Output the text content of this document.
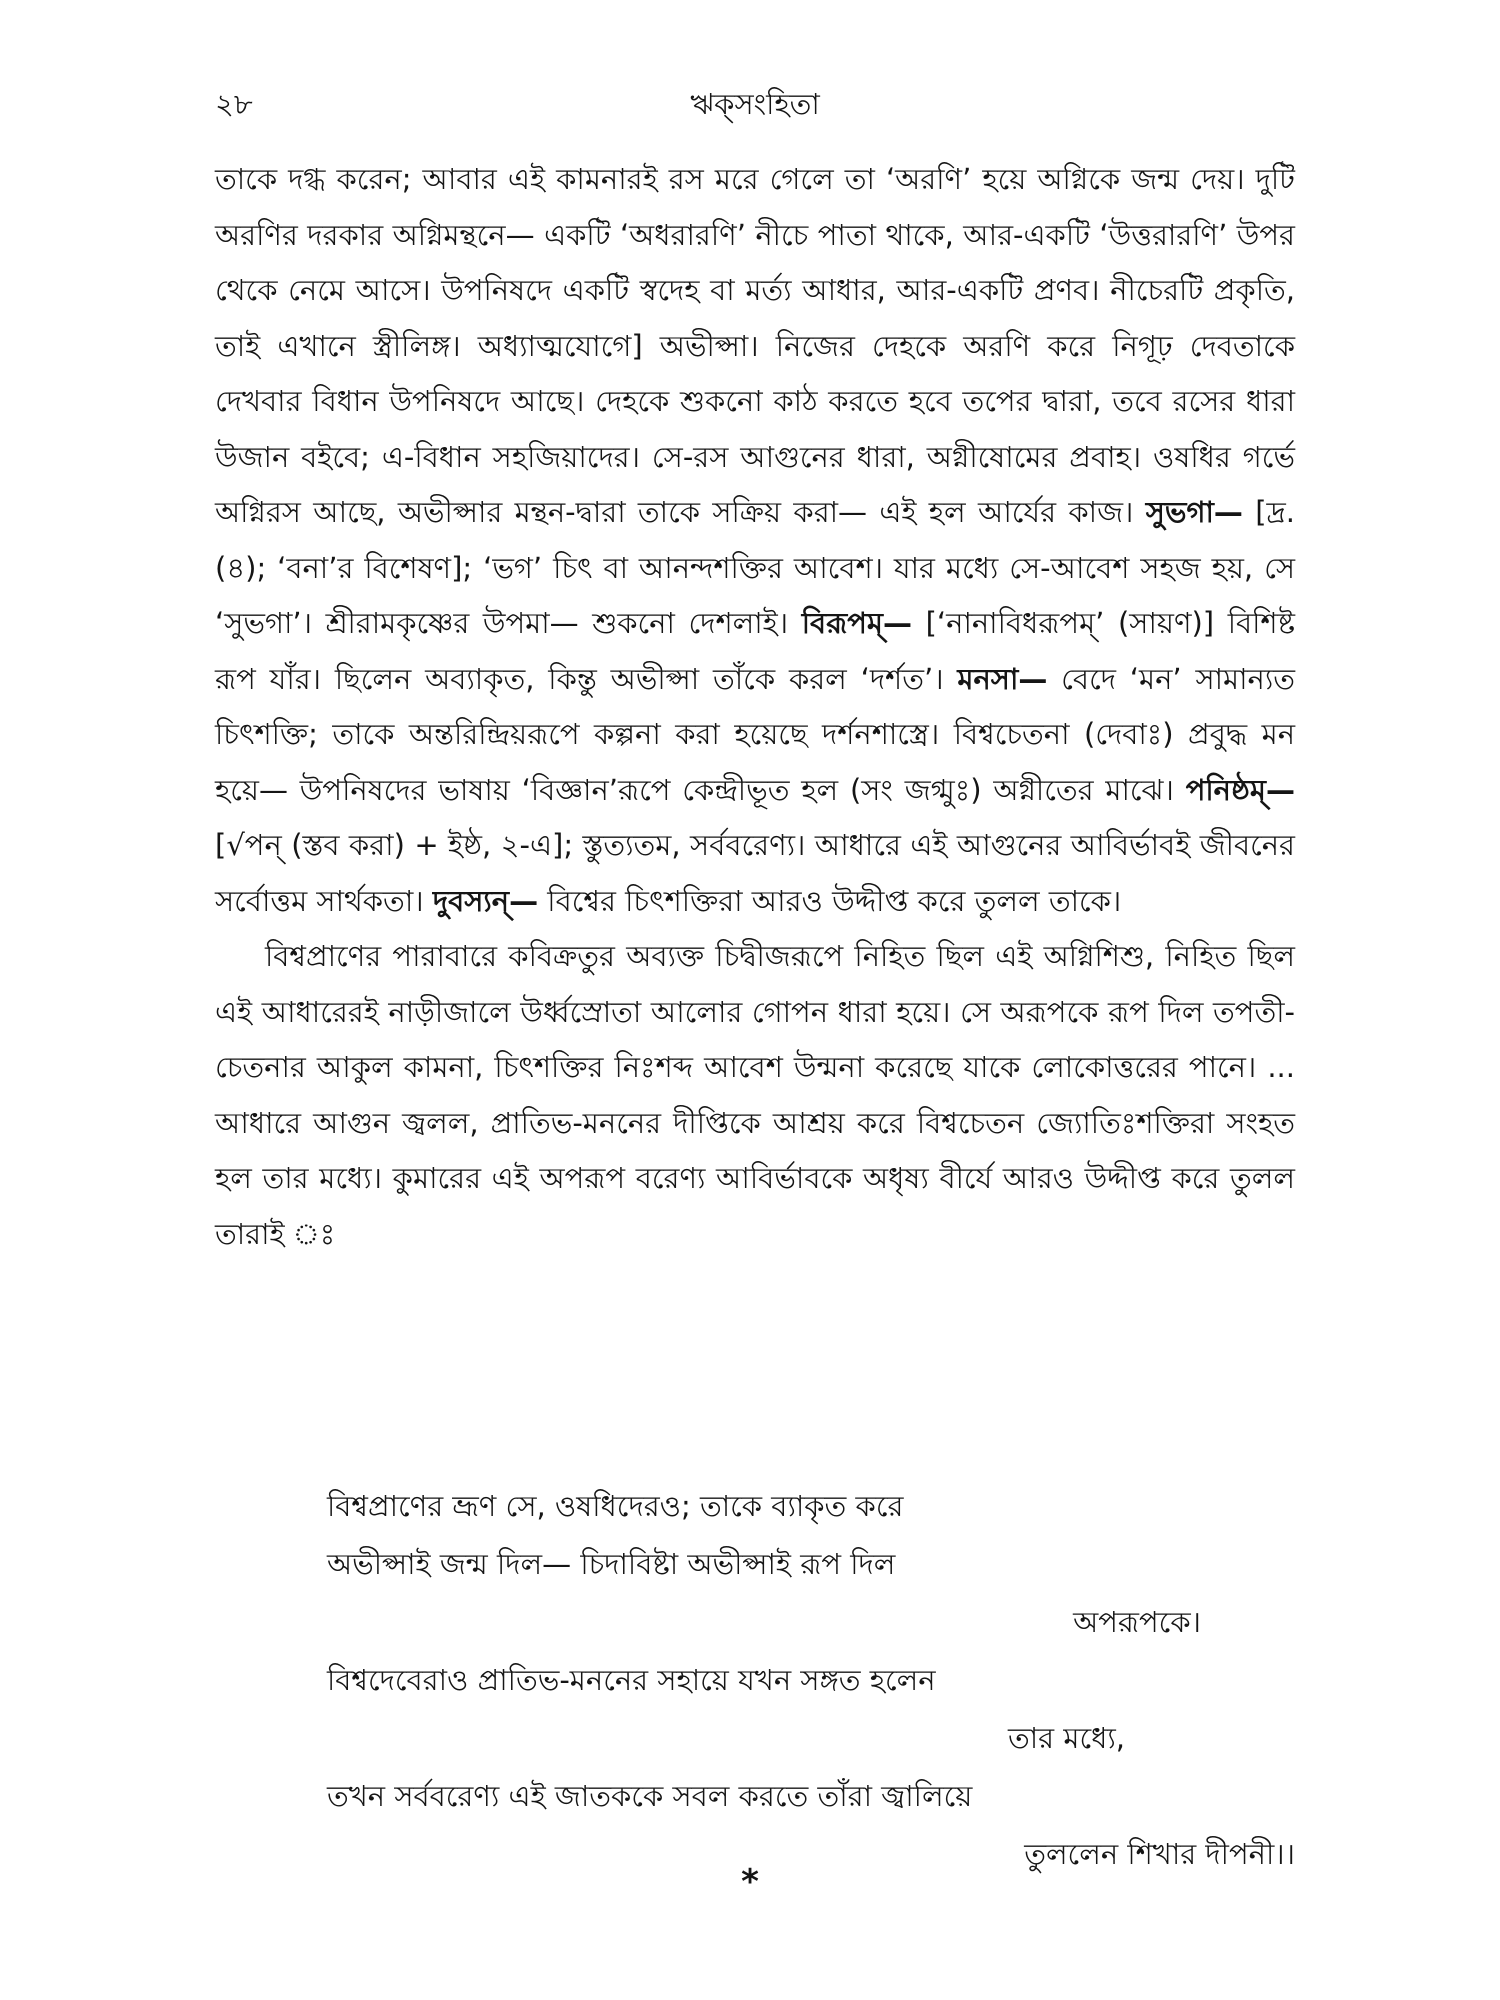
২৮	ঋক্‌সংহিতা

তাকে দগ্ধ করেন; আবার এই কামনারই রস মরে গেলে তা ‘অরণি’ হয়ে অগ্নিকে জন্ম দেয়। দুটি অরণির দরকার অগ্নিমন্থনে— একটি ‘অধরারণি’ নীচে পাতা থাকে, আর-একটি ‘উত্তরারণি’ উপর থেকে নেমে আসে। উপনিষদে একটি স্বদেহ বা মর্ত্য আধার, আর-একটি প্রণব। নীচেরটি প্রকৃতি, তাই এখানে স্ত্রীলিঙ্গ। অধ্যাত্মযোগে] অভীপ্সা। নিজের দেহকে অরণি করে নিগূঢ় দেবতাকে দেখবার বিধান উপনিষদে আছে। দেহকে শুকনো কাঠ করতে হবে তপের দ্বারা, তবে রসের ধারা উজান বইবে; এ-বিধান সহজিয়াদের। সে-রস আগুনের ধারা, অগ্নীষোমের প্রবাহ। ওষধির গর্ভে অগ্নিরস আছে, অভীপ্সার মন্থন-দ্বারা তাকে সক্রিয় করা— এই হল আর্যের কাজ। সুভগা— [দ্র. (৪); ‘বনা’র বিশেষণ]; ‘ভগ’ চিৎ বা আনন্দশক্তির আবেশ। যার মধ্যে সে-আবেশ সহজ হয়, সে ‘সুভগা’। শ্রীরামকৃষ্ণের উপমা— শুকনো দেশলাই। বিরূপম্— [‘নানাবিধরূপম্’ (সায়ণ)] বিশিষ্ট রূপ যাঁর। ছিলেন অব্যাকৃত, কিন্তু অভীপ্সা তাঁকে করল ‘দর্শত’। মনসা— বেদে ‘মন’ সামান্যত চিৎশক্তি; তাকে অন্তরিন্দ্রিয়রূপে কল্পনা করা হয়েছে দর্শনশাস্ত্রে। বিশ্বচেতনা (দেবাঃ) প্রবুদ্ধ মন হয়ে— উপনিষদের ভাষায় ‘বিজ্ঞান’রূপে কেন্দ্রীভূত হল (সং জগ্মুঃ) অগ্নীতের মাঝে। পনিষ্ঠম্— [√পন্ (স্তব করা) + ইষ্ঠ, ২-এ]; স্তুত্যতম, সর্ববরেণ্য। আধারে এই আগুনের আবির্ভাবই জীবনের সর্বোত্তম সার্থকতা। দুবস্যন্— বিশ্বের চিৎশক্তিরা আরও উদ্দীপ্ত করে তুলল তাকে।

বিশ্বপ্রাণের পারাবারে কবিক্রতুর অব্যক্ত চিদ্বীজরূপে নিহিত ছিল এই অগ্নিশিশু, নিহিত ছিল এই আধারেরই নাড়ীজালে উর্ধ্বস্রোতা আলোর গোপন ধারা হয়ে। সে অরূপকে রূপ দিল তপতী-চেতনার আকুল কামনা, চিৎশক্তির নিঃশব্দ আবেশ উন্মনা করেছে যাকে লোকোত্তরের পানে। ... আধারে আগুন জ্বলল, প্রাতিভ-মননের দীপ্তিকে আশ্রয় করে বিশ্বচেতন জ্যোতিঃশক্তিরা সংহত হল তার মধ্যে। কুমারের এই অপরূপ বরেণ্য আবির্ভাবকে অধৃষ্য বীর্যে আরও উদ্দীপ্ত করে তুলল তারাই ঃ

বিশ্বপ্রাণের ভ্রূণ সে, ওষধিদেরও; তাকে ব্যাকৃত করে
অভীপ্সাই জন্ম দিল— চিদাবিষ্টা অভীপ্সাই রূপ দিল
অপরূপকে।
বিশ্বদেবেরাও প্রাতিভ-মননের সহায়ে যখন সঙ্গত হলেন
তার মধ্যে,
তখন সর্ববরেণ্য এই জাতককে সবল করতে তাঁরা জ্বালিয়ে
তুললেন শিখার দীপনী।।
*
